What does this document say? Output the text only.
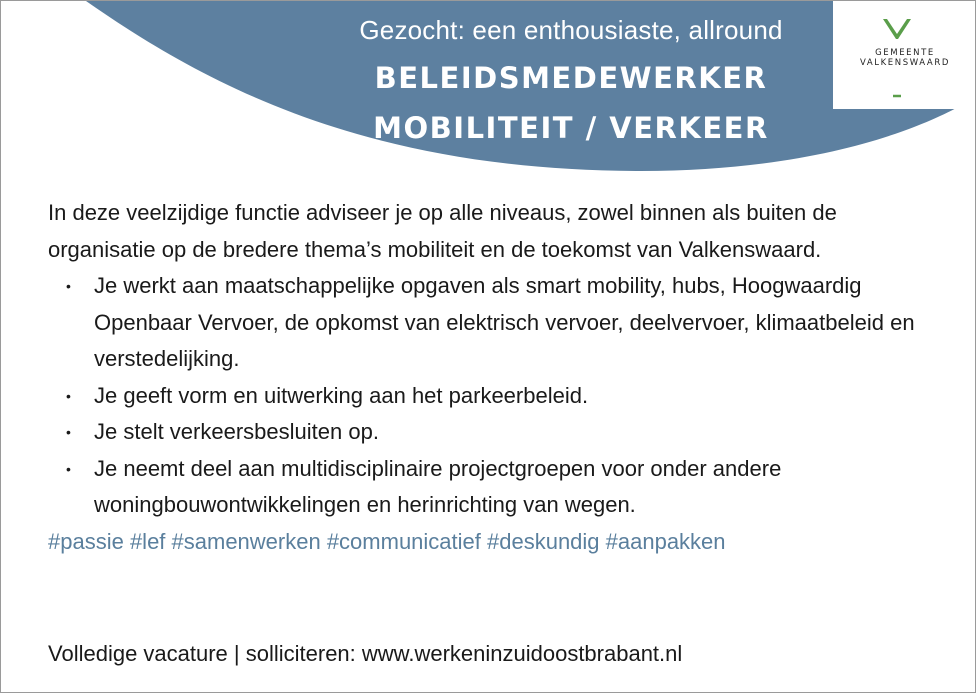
Gezocht: een enthousiaste, allround
BELEIDSMEDEWERKER
MOBILITEIT / VERKEER
GEMEENTE
VALKENSWAARD

In deze veelzijdige functie adviseer je op alle niveaus, zowel binnen als buiten de organisatie op de bredere thema’s mobiliteit en de toekomst van Valkenswaard.

• Je werkt aan maatschappelijke opgaven als smart mobility, hubs, Hoogwaardig Openbaar Vervoer, de opkomst van elektrisch vervoer, deelvervoer, klimaatbeleid en verstedelijking.
• Je geeft vorm en uitwerking aan het parkeerbeleid.
• Je stelt verkeersbesluiten op.
• Je neemt deel aan multidisciplinaire projectgroepen voor onder andere woningbouwontwikkelingen en herinrichting van wegen.

#passie #lef #samenwerken #communicatief #deskundig #aanpakken

Volledige vacature | solliciteren: www.werkeninzuidoostbrabant.nl
